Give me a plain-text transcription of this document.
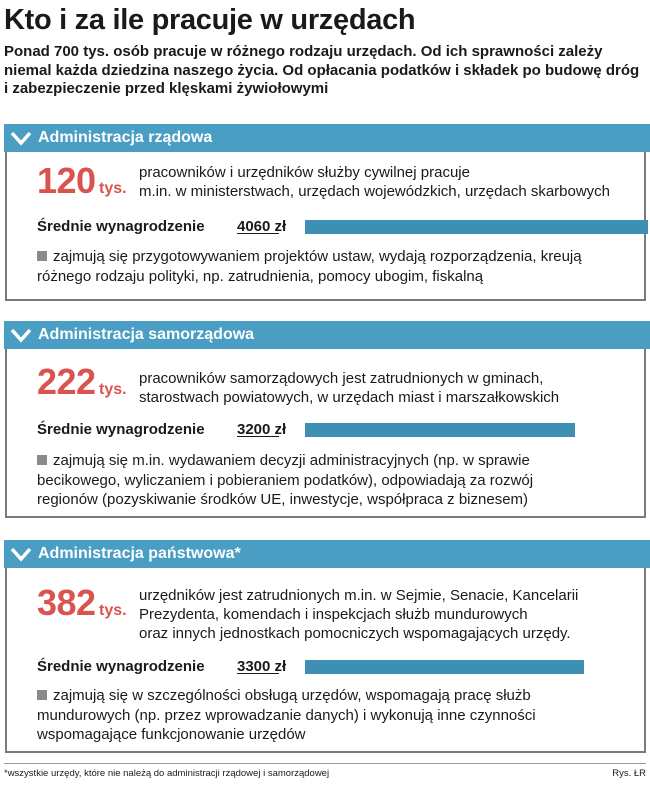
Kto i za ile pracuje w urzędach
Ponad 700 tys. osób pracuje w różnego rodzaju urzędach. Od ich sprawności zależy niemal każda dziedzina naszego życia. Od opłacania podatków i składek po budowę dróg i zabezpieczenie przed klęskami żywiołowymi
Administracja rządowa
120 tys.
pracowników i urzędników służby cywilnej pracuje
m.in. w ministerstwach, urzędach wojewódzkich, urzędach skarbowych
Średnie wynagrodzenie 4060 zł
zajmują się przygotowywaniem projektów ustaw, wydają rozporządzenia, kreują
różnego rodzaju polityki, np. zatrudnienia, pomocy ubogim, fiskalną
Administracja samorządowa
222 tys.
pracowników samorządowych jest zatrudnionych w gminach,
starostwach powiatowych, w urzędach miast i marszałkowskich
Średnie wynagrodzenie 3200 zł
zajmują się m.in. wydawaniem decyzji administracyjnych (np. w sprawie
becikowego, wyliczaniem i pobieraniem podatków), odpowiadają za rozwój
regionów (pozyskiwanie środków UE, inwestycje, współpraca z biznesem)
Administracja państwowa*
382 tys.
urzędników jest zatrudnionych m.in. w Sejmie, Senacie, Kancelarii
Prezydenta, komendach i inspekcjach służb mundurowych
oraz innych jednostkach pomocniczych wspomagających urzędy.
Średnie wynagrodzenie 3300 zł
zajmują się w szczególności obsługą urzędów, wspomagają pracę służb
mundurowych (np. przez wprowadzanie danych) i wykonują inne czynności
wspomagające funkcjonowanie urzędów
*wszystkie urzędy, które nie należą do administracji rządowej i samorządowej	Rys. ŁR
